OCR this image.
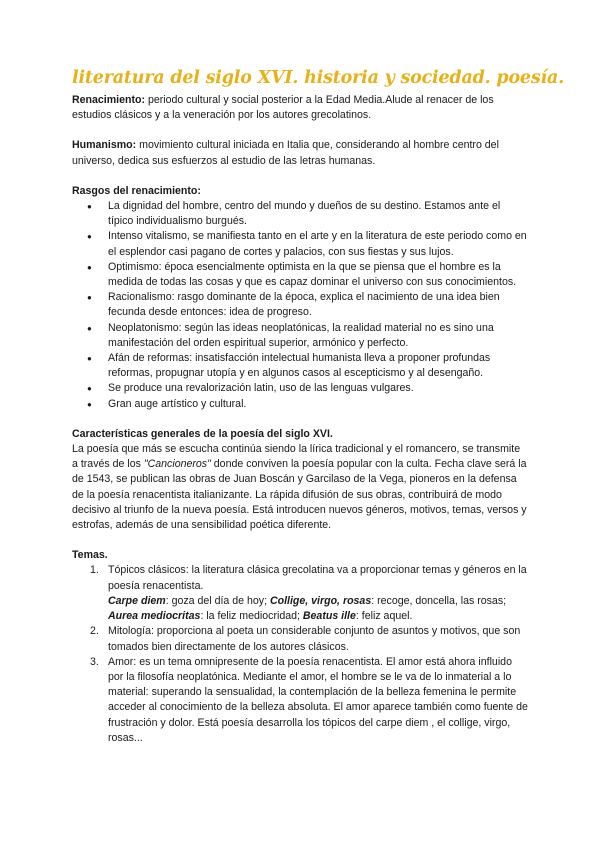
literatura del siglo XVI. historia y sociedad. poesía.

Renacimiento: periodo cultural y social posterior a la Edad Media.Alude al renacer de los estudios clásicos y a la veneración por los autores grecolatinos.

Humanismo: movimiento cultural iniciada en Italia que, considerando al hombre centro del universo, dedica sus esfuerzos al estudio de las letras humanas.

Rasgos del renacimiento:

● La dignidad del hombre, centro del mundo y dueños de su destino. Estamos ante el típico individualismo burgués.
● Intenso vitalismo, se manifiesta tanto en el arte y en la literatura de este periodo como en el esplendor casi pagano de cortes y palacios, con sus fiestas y sus lujos.
● Optimismo: época esencialmente optimista en la que se piensa que el hombre es la medida de todas las cosas y que es capaz dominar el universo con sus conocimientos.
● Racionalismo: rasgo dominante de la época, explica el nacimiento de una idea bien fecunda desde entonces: idea de progreso.
● Neoplatonismo: según las ideas neoplatónicas, la realidad material no es sino una manifestación del orden espiritual superior, armónico y perfecto.
● Afán de reformas: insatisfacción intelectual humanista lleva a proponer profundas reformas, propugnar utopía y en algunos casos al escepticismo y al desengaño.
● Se produce una revalorización latin, uso de las lenguas vulgares.
● Gran auge artístico y cultural.

Características generales de la poesía del siglo XVI.

La poesía que más se escucha continúa siendo la lírica tradicional y el romancero, se transmite a través de los "Cancioneros" donde conviven la poesía popular con la culta. Fecha clave será la de 1543, se publican las obras de Juan Boscán y Garcilaso de la Vega, pioneros en la defensa de la poesía renacentista italianizante. La rápida difusión de sus obras, contribuirá de modo decisivo al triunfo de la nueva poesía. Está introducen nuevos géneros, motivos, temas, versos y estrofas, además de una sensibilidad poética diferente.

Temas.

1. Tópicos clásicos: la literatura clásica grecolatina va a proporcionar temas y géneros en la poesía renacentista.
Carpe diem: goza del día de hoy; Collige, virgo, rosas: recoge, doncella, las rosas;
Aurea mediocritas: la feliz mediocridad; Beatus ille: feliz aquel.
2. Mitología: proporciona al poeta un considerable conjunto de asuntos y motivos, que son tomados bien directamente de los autores clásicos.
3. Amor: es un tema omnipresente de la poesía renacentista. El amor está ahora influido por la filosofía neoplatónica. Mediante el amor, el hombre se le va de lo inmaterial a lo material: superando la sensualidad, la contemplación de la belleza femenina le permite acceder al conocimiento de la belleza absoluta. El amor aparece también como fuente de frustración y dolor. Está poesía desarrolla los tópicos del carpe diem , el collige, virgo, rosas...
